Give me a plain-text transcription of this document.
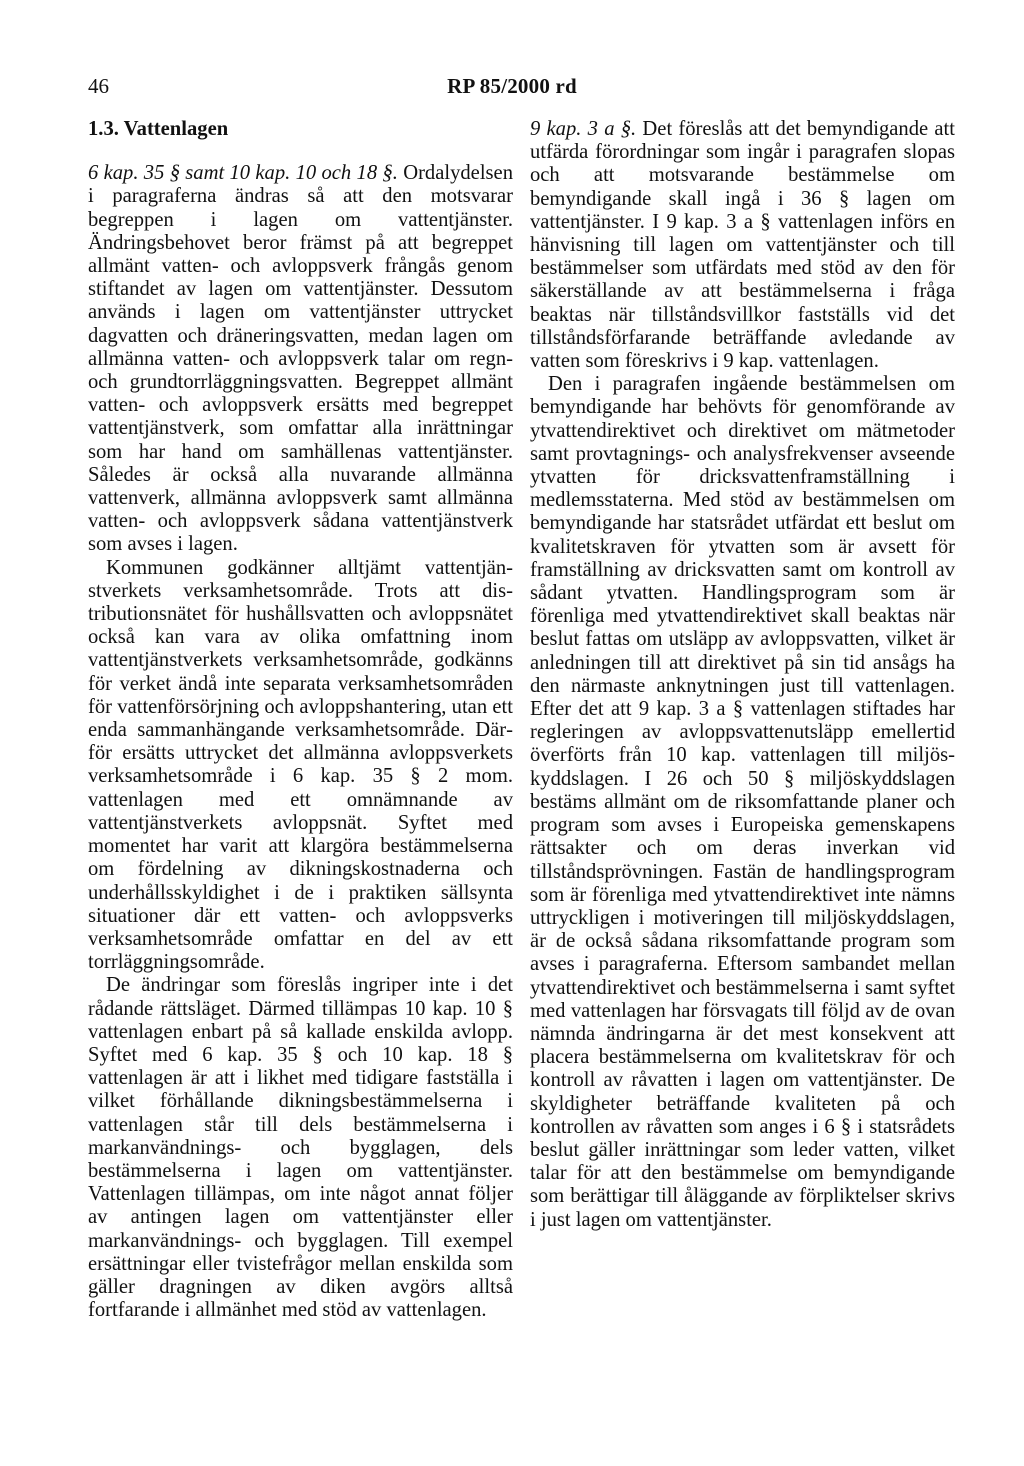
46	RP 85/2000 rd
1.3. Vattenlagen

6 kap. 35 § samt 10 kap. 10 och 18 §. Ordalydelsen i paragraferna ändras så att den motsvarar begreppen i lagen om vattentjänster. Ändringsbehovet beror främst på att begreppet allmänt vatten- och avloppsverk frångås genom stiftandet av lagen om vattentjänster. Dessutom används i lagen om vattentjänster uttrycket dagvatten och dräneringsvatten, medan lagen om allmänna vatten- och avloppsverk talar om regn- och grundtorrläggningsvatten. Begreppet allmänt vatten- och avloppsverk ersätts med begreppet vattentjänstverk, som omfattar alla inrättningar som har hand om samhällenas vattentjänster. Således är också alla nuvarande allmänna vattenverk, allmänna avloppsverk samt allmänna vatten- och avloppsverk sådana vattentjänstverk som avses i lagen.

Kommunen godkänner alltjämt vattentjänstverkets verksamhetsområde. Trots att distributionsnätet för hushållsvatten och avloppsnätet också kan vara av olika omfattning inom vattentjänstverkets verksamhetsområde, godkänns för verket ändå inte separata verksamhetsområden för vattenförsörjning och avloppshantering, utan ett enda sammanhängande verksamhetsområde. Därför ersätts uttrycket det allmänna avloppsverkets verksamhetsområde i 6 kap. 35 § 2 mom. vattenlagen med ett omnämnande av vattentjänstverkets avloppsnät. Syftet med momentet har varit att klargöra bestämmelserna om fördelning av dikningskostnaderna och underhållsskyldighet i de i praktiken sällsynta situationer där ett vatten- och avloppsverks verksamhetsområde omfattar en del av ett torrläggningsområde.

De ändringar som föreslås ingriper inte i det rådande rättsläget. Därmed tillämpas 10 kap. 10 § vattenlagen enbart på så kallade enskilda avlopp. Syftet med 6 kap. 35 § och 10 kap. 18 § vattenlagen är att i likhet med tidigare fastställa i vilket förhållande dikningsbestämmelserna i vattenlagen står till dels bestämmelserna i markanvändnings- och bygglagen, dels bestämmelserna i lagen om vattentjänster. Vattenlagen tillämpas, om inte något annat följer av antingen lagen om vattentjänster eller markanvändnings- och bygglagen. Till exempel ersättningar eller tvistefrågor mellan enskilda som gäller dragningen av diken avgörs alltså fortfarande i allmänhet med stöd av vattenlagen.

9 kap. 3 a §. Det föreslås att det bemyndigande att utfärda förordningar som ingår i paragrafen slopas och att motsvarande bestämmelse om bemyndigande skall ingå i 36 § lagen om vattentjänster. I 9 kap. 3 a § vattenlagen införs en hänvisning till lagen om vattentjänster och till bestämmelser som utfärdats med stöd av den för säkerställande av att bestämmelserna i fråga beaktas när tillståndsvillkor fastställs vid det tillståndsförfarande beträffande avledande av vatten som föreskrivs i 9 kap. vattenlagen.

Den i paragrafen ingående bestämmelsen om bemyndigande har behövts för genomförande av ytvattendirektivet och direktivet om mätmetoder samt provtagnings- och analysfrekvenser avseende ytvatten för dricksvattenframställning i medlemsstaterna. Med stöd av bestämmelsen om bemyndigande har statsrådet utfärdat ett beslut om kvalitetskraven för ytvatten som är avsett för framställning av dricksvatten samt om kontroll av sådant ytvatten. Handlingsprogram som är förenliga med ytvattendirektivet skall beaktas när beslut fattas om utsläpp av avloppsvatten, vilket är anledningen till att direktivet på sin tid ansågs ha den närmaste anknytningen just till vattenlagen. Efter det att 9 kap. 3 a § vattenlagen stiftades har regleringen av avloppsvattenutsläpp emellertid överförts från 10 kap. vattenlagen till miljöskyddslagen. I 26 och 50 § miljöskyddslagen bestäms allmänt om de riksomfattande planer och program som avses i Europeiska gemenskapens rättsakter och om deras inverkan vid tillståndsprövningen. Fastän de handlingsprogram som är förenliga med ytvattendirektivet inte nämns uttryckligen i motiveringen till miljöskyddslagen, är de också sådana riksomfattande program som avses i paragraferna. Eftersom sambandet mellan ytvattendirektivet och bestämmelserna i samt syftet med vattenlagen har försvagats till följd av de ovan nämnda ändringarna är det mest konsekvent att placera bestämmelserna om kvalitetskrav för och kontroll av råvatten i lagen om vattentjänster. De skyldigheter beträffande kvaliteten på och kontrollen av råvatten som anges i 6 § i statsrådets beslut gäller inrättningar som leder vatten, vilket talar för att den bestämmelse om bemyndigande som berättigar till åläggande av förpliktelser skrivs i just lagen om vattentjänster.
